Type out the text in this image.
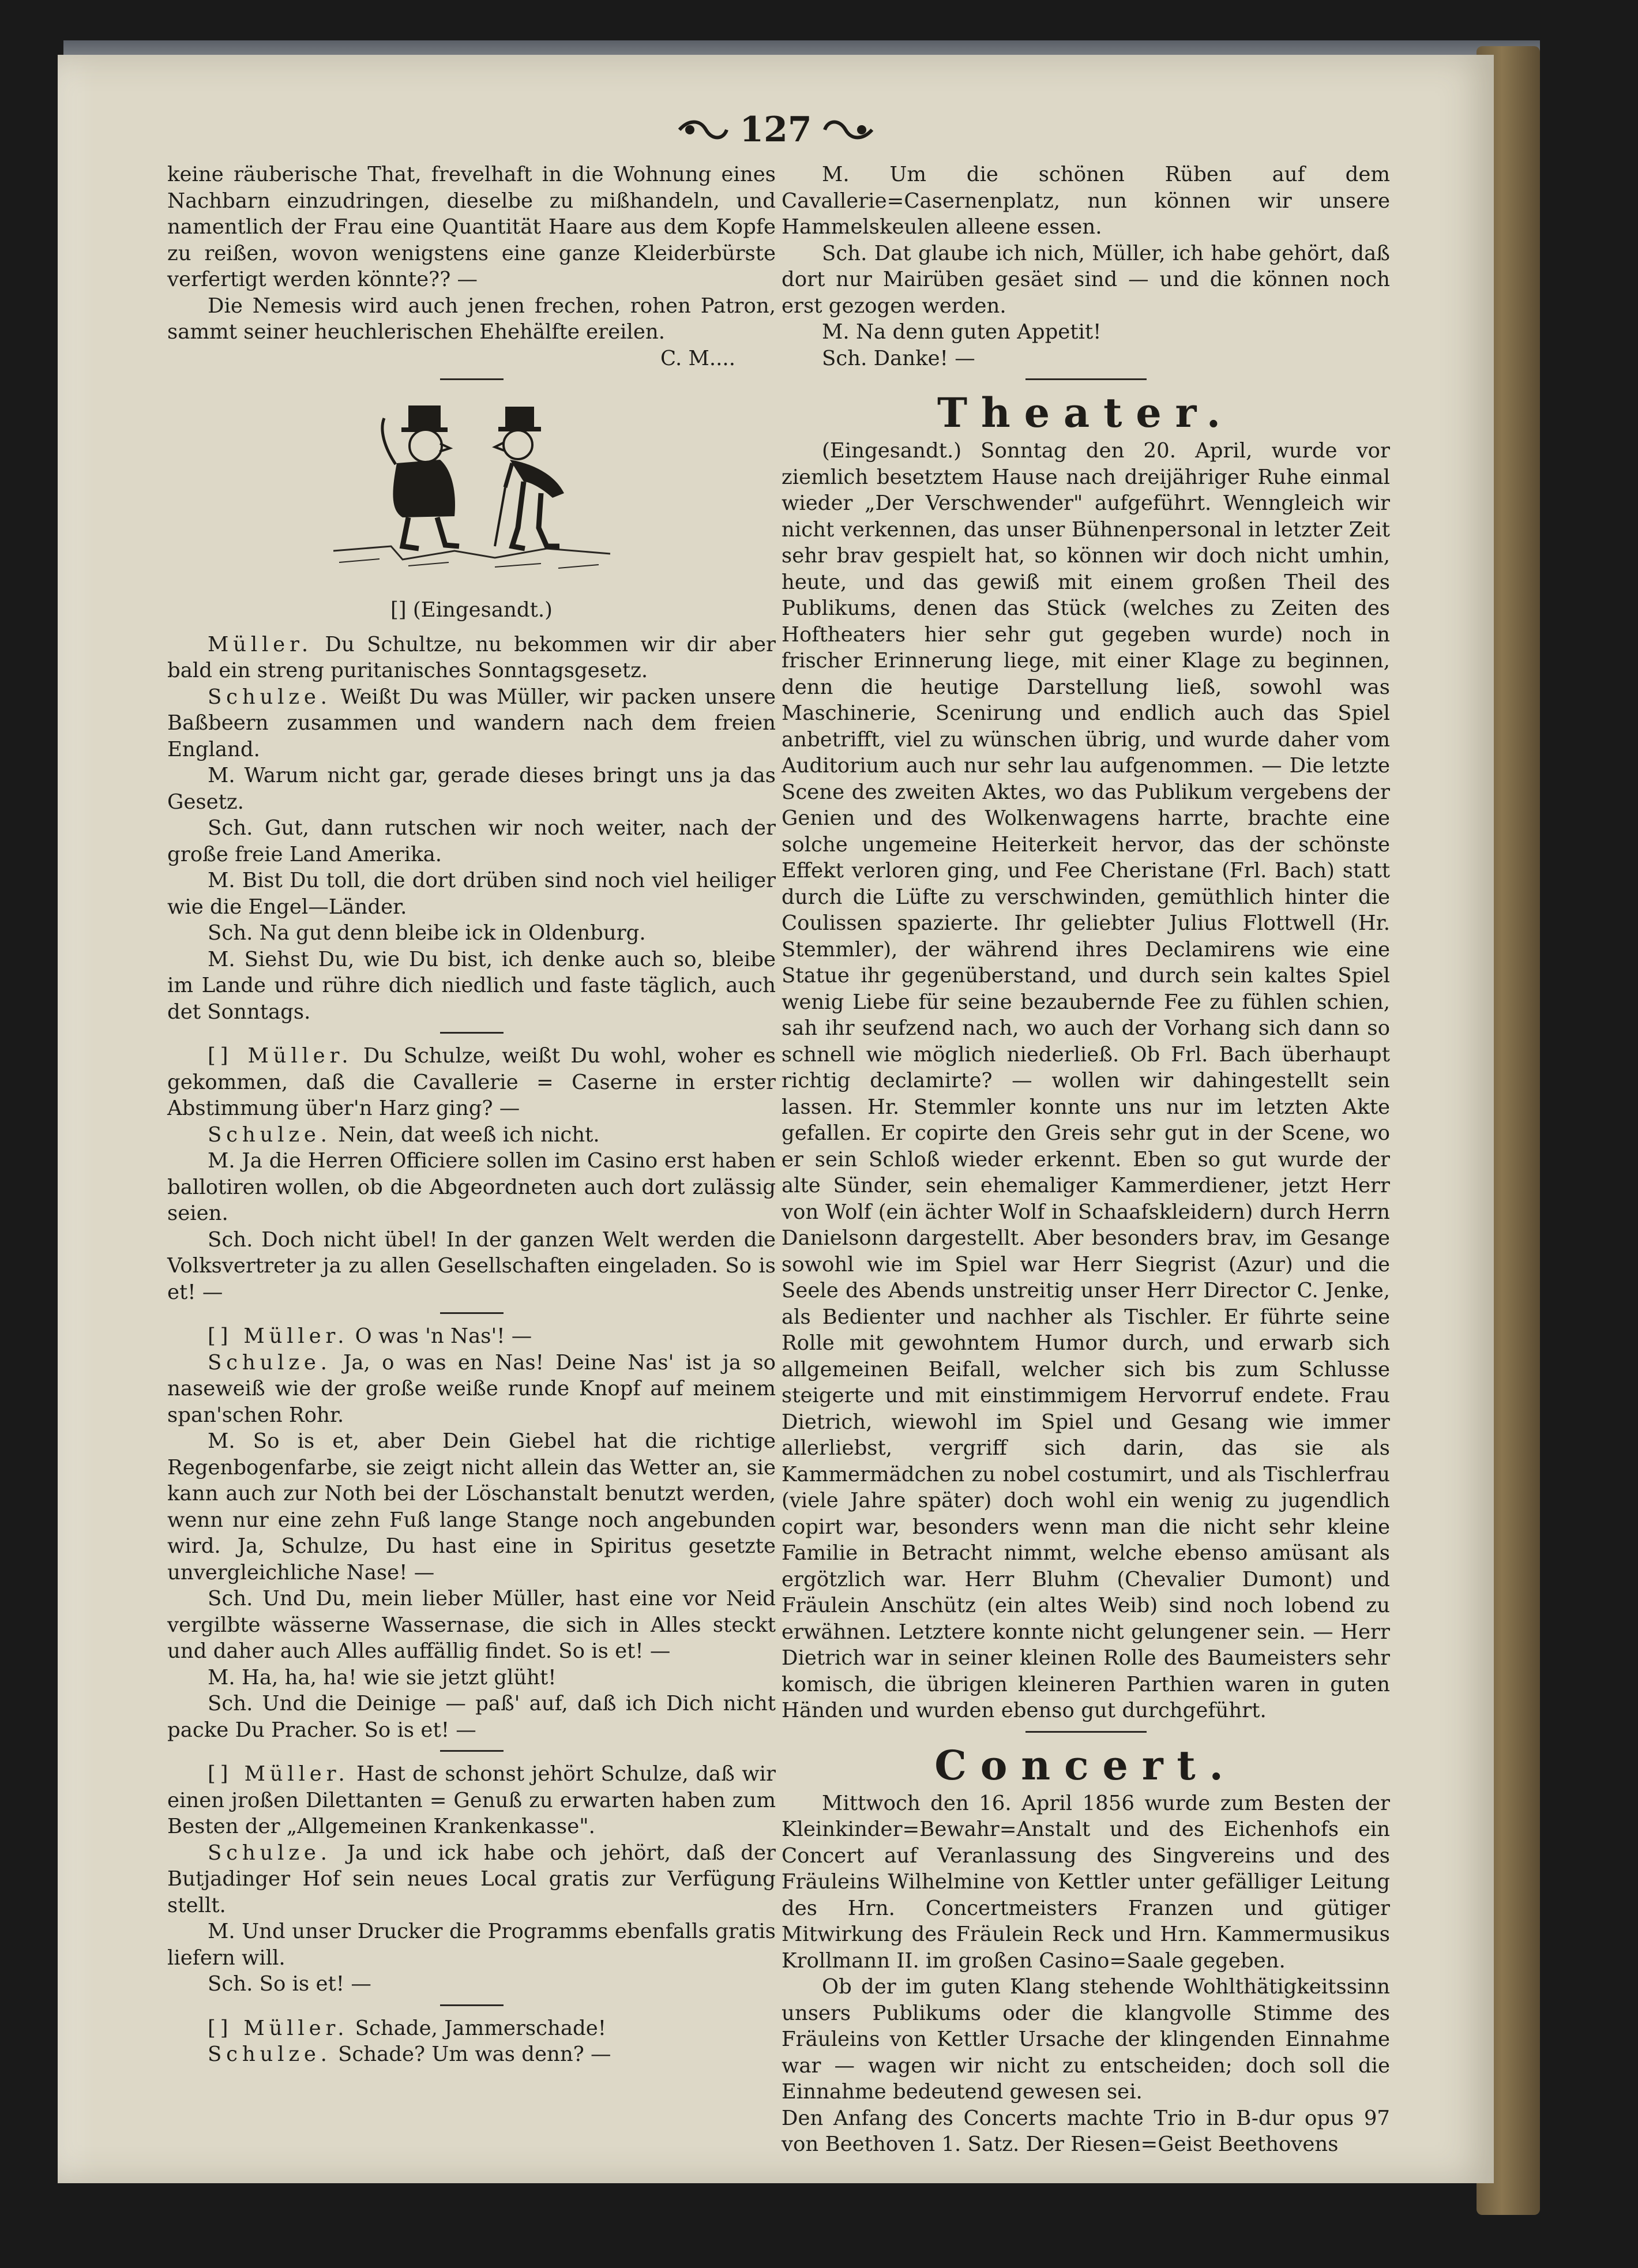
127

keine räuberische That, frevelhaft in die Wohnung eines Nachbarn einzudringen, dieselbe zu mißhandeln, und namentlich der Frau eine Quantität Haare aus dem Kopfe zu reißen, wovon wenigstens eine ganze Kleiderbürste verfertigt werden könnte?? —

Die Nemesis wird auch jenen frechen, rohen Patron, sammt seiner heuchlerischen Ehehälfte ereilen.

C. M....
[] (Eingesandt.)

Müller. Du Schultze, nu bekommen wir dir aber bald ein streng puritanisches Sonntagsgesetz.

Schulze. Weißt Du was Müller, wir packen unsere Baßbeern zusammen und wandern nach dem freien England.

M. Warum nicht gar, gerade dieses bringt uns ja das Gesetz.

Sch. Gut, dann rutschen wir noch weiter, nach der große freie Land Amerika.

M. Bist Du toll, die dort drüben sind noch viel heiliger wie die Engel—Länder.

Sch. Na gut denn bleibe ick in Oldenburg.

M. Siehst Du, wie Du bist, ich denke auch so, bleibe im Lande und rühre dich niedlich und faste täglich, auch det Sonntags.

[] Müller. Du Schulze, weißt Du wohl, woher es gekommen, daß die Cavallerie = Caserne in erster Abstimmung über'n Harz ging? —

Schulze. Nein, dat weeß ich nicht.

M. Ja die Herren Officiere sollen im Casino erst haben ballotiren wollen, ob die Abgeordneten auch dort zulässig seien.

Sch. Doch nicht übel! In der ganzen Welt werden die Volksvertreter ja zu allen Gesellschaften eingeladen. So is et! —

[] Müller. O was 'n Nas'! —

Schulze. Ja, o was en Nas! Deine Nas' ist ja so naseweiß wie der große weiße runde Knopf auf meinem span'schen Rohr.

M. So is et, aber Dein Giebel hat die richtige Regenbogenfarbe, sie zeigt nicht allein das Wetter an, sie kann auch zur Noth bei der Löschanstalt benutzt werden, wenn nur eine zehn Fuß lange Stange noch angebunden wird. Ja, Schulze, Du hast eine in Spiritus gesetzte unvergleichliche Nase! —

Sch. Und Du, mein lieber Müller, hast eine vor Neid vergilbte wässerne Wassernase, die sich in Alles steckt und daher auch Alles auffällig findet. So is et! —

M. Ha, ha, ha! wie sie jetzt glüht!

Sch. Und die Deinige — paß' auf, daß ich Dich nicht packe Du Pracher. So is et! —

[] Müller. Hast de schonst jehört Schulze, daß wir einen jroßen Dilettanten = Genuß zu erwarten haben zum Besten der „Allgemeinen Krankenkasse".

Schulze. Ja und ick habe och jehört, daß der Butjadinger Hof sein neues Local gratis zur Verfügung stellt.

M. Und unser Drucker die Programms ebenfalls gratis liefern will.

Sch. So is et! —

[] Müller. Schade, Jammerschade!

Schulze. Schade? Um was denn? —

M. Um die schönen Rüben auf dem Cavallerie=Casernenplatz, nun können wir unsere Hammelskeulen alleene essen.

Sch. Dat glaube ich nich, Müller, ich habe gehört, daß dort nur Mairüben gesäet sind — und die können noch erst gezogen werden.

M. Na denn guten Appetit!

Sch. Danke! —

Theater.

(Eingesandt.) Sonntag den 20. April, wurde vor ziemlich besetztem Hause nach dreijähriger Ruhe einmal wieder „Der Verschwender" aufgeführt. Wenngleich wir nicht verkennen, das unser Bühnenpersonal in letzter Zeit sehr brav gespielt hat, so können wir doch nicht umhin, heute, und das gewiß mit einem großen Theil des Publikums, denen das Stück (welches zu Zeiten des Hoftheaters hier sehr gut gegeben wurde) noch in frischer Erinnerung liege, mit einer Klage zu beginnen, denn die heutige Darstellung ließ, sowohl was Maschinerie, Scenirung und endlich auch das Spiel anbetrifft, viel zu wünschen übrig, und wurde daher vom Auditorium auch nur sehr lau aufgenommen. — Die letzte Scene des zweiten Aktes, wo das Publikum vergebens der Genien und des Wolkenwagens harrte, brachte eine solche ungemeine Heiterkeit hervor, das der schönste Effekt verloren ging, und Fee Cheristane (Frl. Bach) statt durch die Lüfte zu verschwinden, gemüthlich hinter die Coulissen spazierte. Ihr geliebter Julius Flottwell (Hr. Stemmler), der während ihres Declamirens wie eine Statue ihr gegenüberstand, und durch sein kaltes Spiel wenig Liebe für seine bezaubernde Fee zu fühlen schien, sah ihr seufzend nach, wo auch der Vorhang sich dann so schnell wie möglich niederließ. Ob Frl. Bach überhaupt richtig declamirte? — wollen wir dahingestellt sein lassen. Hr. Stemmler konnte uns nur im letzten Akte gefallen. Er copirte den Greis sehr gut in der Scene, wo er sein Schloß wieder erkennt. Eben so gut wurde der alte Sünder, sein ehemaliger Kammerdiener, jetzt Herr von Wolf (ein ächter Wolf in Schaafskleidern) durch Herrn Danielsonn dargestellt. Aber besonders brav, im Gesange sowohl wie im Spiel war Herr Siegrist (Azur) und die Seele des Abends unstreitig unser Herr Director C. Jenke, als Bedienter und nachher als Tischler. Er führte seine Rolle mit gewohntem Humor durch, und erwarb sich allgemeinen Beifall, welcher sich bis zum Schlusse steigerte und mit einstimmigem Hervorruf endete. Frau Dietrich, wiewohl im Spiel und Gesang wie immer allerliebst, vergriff sich darin, das sie als Kammermädchen zu nobel costumirt, und als Tischlerfrau (viele Jahre später) doch wohl ein wenig zu jugendlich copirt war, besonders wenn man die nicht sehr kleine Familie in Betracht nimmt, welche ebenso amüsant als ergötzlich war. Herr Bluhm (Chevalier Dumont) und Fräulein Anschütz (ein altes Weib) sind noch lobend zu erwähnen. Letztere konnte nicht gelungener sein. — Herr Dietrich war in seiner kleinen Rolle des Baumeisters sehr komisch, die übrigen kleineren Parthien waren in guten Händen und wurden ebenso gut durchgeführt.

Concert.

Mittwoch den 16. April 1856 wurde zum Besten der Kleinkinder=Bewahr=Anstalt und des Eichenhofs ein Concert auf Veranlassung des Singvereins und des Fräuleins Wilhelmine von Kettler unter gefälliger Leitung des Hrn. Concertmeisters Franzen und gütiger Mitwirkung des Fräulein Reck und Hrn. Kammermusikus Krollmann II. im großen Casino=Saale gegeben.

Ob der im guten Klang stehende Wohlthätigkeitssinn unsers Publikums oder die klangvolle Stimme des Fräuleins von Kettler Ursache der klingenden Einnahme war — wagen wir nicht zu entscheiden; doch soll die Einnahme bedeutend gewesen sei.

Den Anfang des Concerts machte Trio in B-dur opus 97 von Beethoven 1. Satz. Der Riesen=Geist Beethovens
